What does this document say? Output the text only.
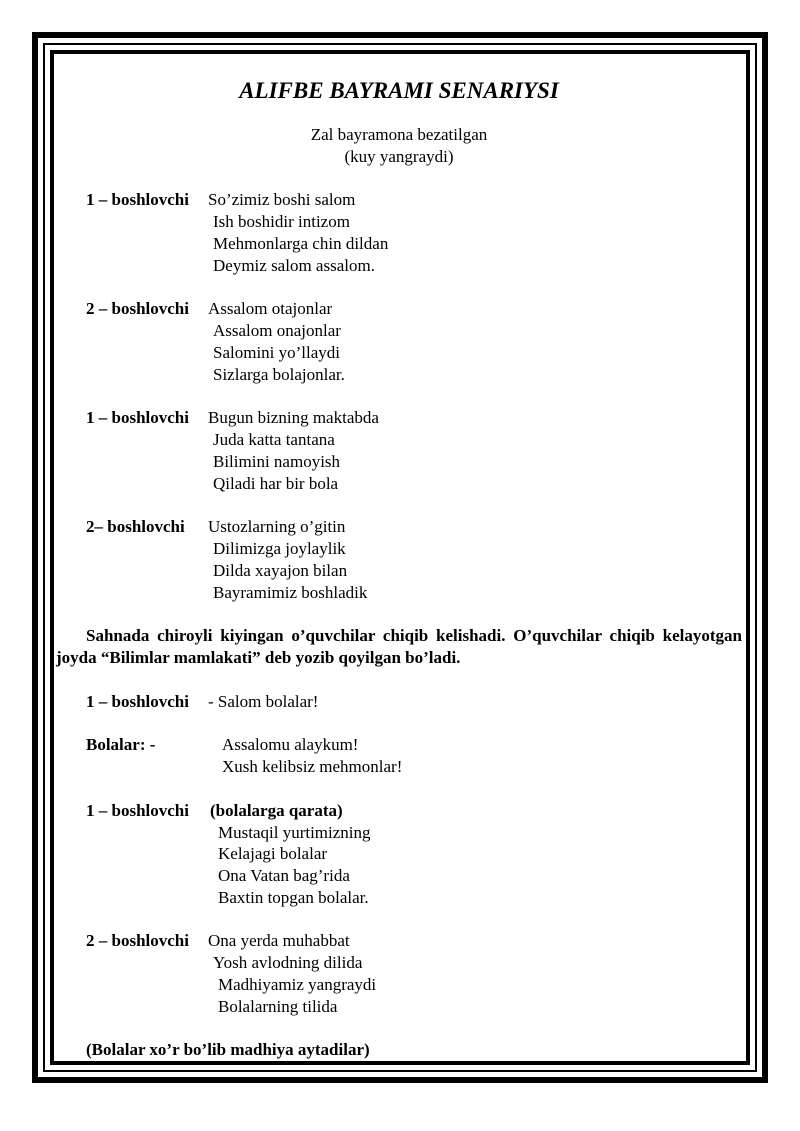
ALIFBE BAYRAMI SENARIYSI
Zal bayramona bezatilgan
(kuy yangraydi)
1 – boshlovchi So’zimiz boshi salom
Ish boshidir intizom
Mehmonlarga chin dildan
Deymiz salom assalom.
2 – boshlovchi Assalom otajonlar
Assalom onajonlar
Salomini yo’llaydi
Sizlarga bolajonlar.
1 – boshlovchi Bugun bizning maktabda
Juda katta tantana
Bilimini namoyish
Qiladi har bir bola
2– boshlovchi Ustozlarning o’gitin
Dilimizga joylaylik
Dilda xayajon bilan
Bayramimiz boshladik
Sahnada chiroyli kiyingan o’quvchilar chiqib kelishadi. O’quvchilar chiqib kelayotgan joyda “Bilimlar mamlakati” deb yozib qoyilgan bo’ladi.
1 – boshlovchi - Salom bolalar!
Bolalar: -	Assalomu alaykum!
Xush kelibsiz mehmonlar!
1 – boshlovchi (bolalarga qarata)
Mustaqil yurtimizning
Kelajagi bolalar
Ona Vatan bag’rida
Baxtin topgan bolalar.
2 – boshlovchi Ona yerda muhabbat
Yosh avlodning dilida
Madhiyamiz yangraydi
Bolalarning tilida
(Bolalar xo’r bo’lib madhiya aytadilar)
